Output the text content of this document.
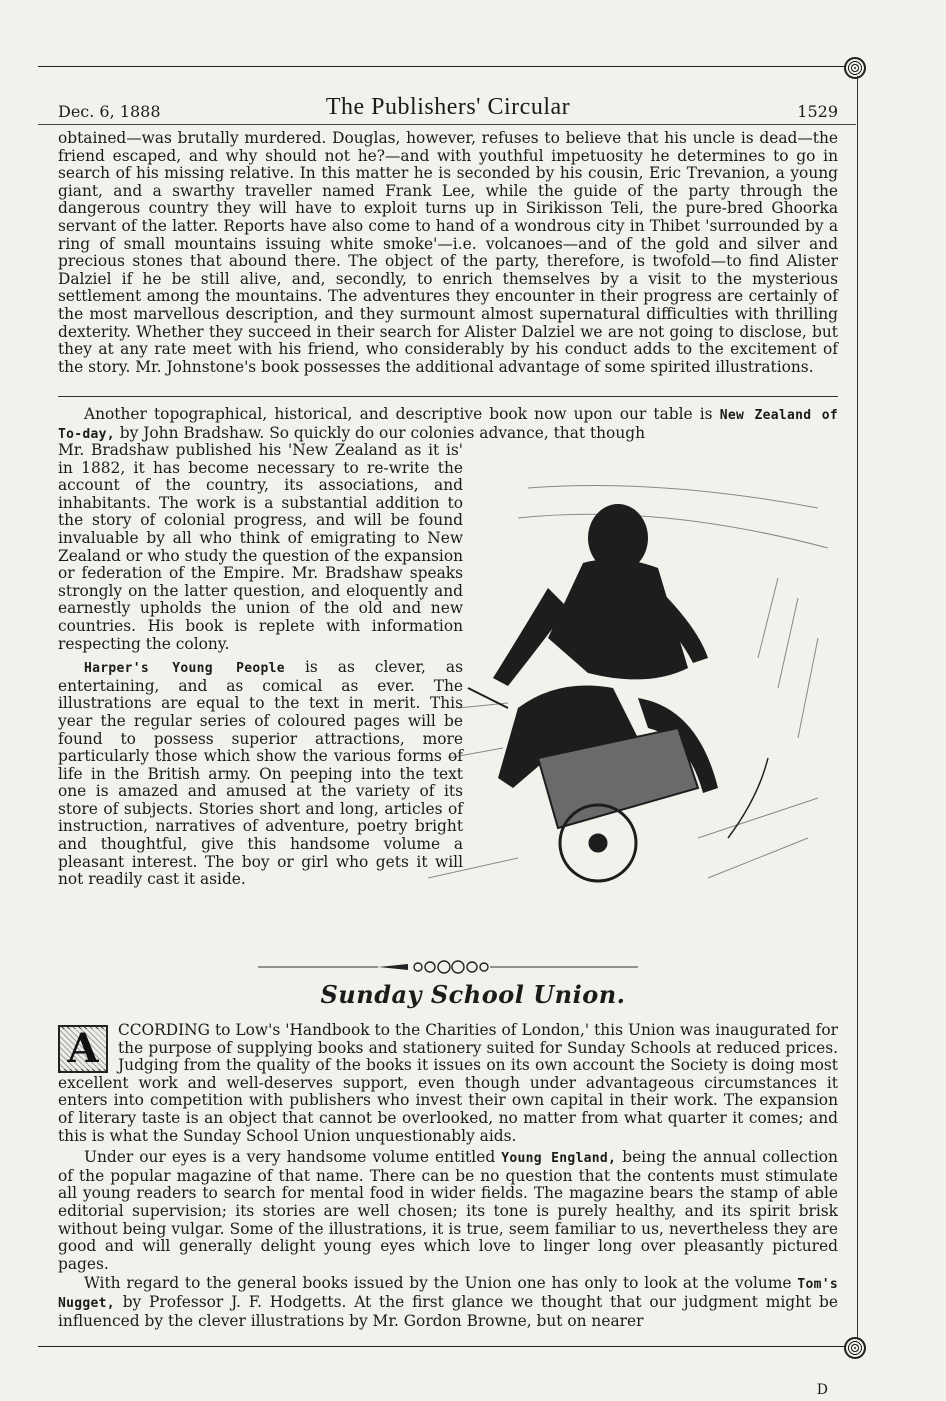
Dec. 6, 1888	The Publishers' Circular	1529

obtained—was brutally murdered. Douglas, however, refuses to believe that his uncle is dead—the friend escaped, and why should not he?—and with youthful impetuosity he determines to go in search of his missing relative. In this matter he is seconded by his cousin, Eric Trevanion, a young giant, and a swarthy traveller named Frank Lee, while the guide of the party through the dangerous country they will have to exploit turns up in Sirikisson Teli, the pure-bred Ghoorka servant of the latter. Reports have also come to hand of a wondrous city in Thibet 'surrounded by a ring of small mountains issuing white smoke'—i.e. volcanoes—and of the gold and silver and precious stones that abound there. The object of the party, therefore, is twofold—to find Alister Dalziel if he be still alive, and, secondly, to enrich themselves by a visit to the mysterious settlement among the mountains. The adventures they encounter in their progress are certainly of the most marvellous description, and they surmount almost supernatural difficulties with thrilling dexterity. Whether they succeed in their search for Alister Dalziel we are not going to disclose, but they at any rate meet with his friend, who considerably by his conduct adds to the excitement of the story. Mr. Johnstone's book possesses the additional advantage of some spirited illustrations.

Another topographical, historical, and descriptive book now upon our table is New Zealand of To-day, by John Bradshaw. So quickly do our colonies advance, that though

Mr. Bradshaw published his 'New Zealand as it is' in 1882, it has become necessary to re-write the account of the country, its associations, and inhabitants. The work is a substantial addition to the story of colonial progress, and will be found invaluable by all who think of emigrating to New Zealand or who study the question of the expansion or federation of the Empire. Mr. Bradshaw speaks strongly on the latter question, and eloquently and earnestly upholds the union of the old and new countries. His book is replete with information respecting the colony.

Harper's Young People is as clever, as entertaining, and as comical as ever. The illustrations are equal to the text in merit. This year the regular series of coloured pages will be found to possess superior attractions, more particularly those which show the various forms of life in the British army. On peeping into the text one is amazed and amused at the variety of its store of subjects. Stories short and long, articles of instruction, narratives of adventure, poetry bright and thoughtful, give this handsome volume a pleasant interest. The boy or girl who gets it will not readily cast it aside.

Sunday School Union.

A	CCORDING to Low's 'Handbook to the Charities of London,' this Union was inaugurated for the purpose of supplying books and stationery suited for Sunday Schools at reduced prices. Judging from the quality of the books it issues on its own account the Society is doing most excellent work and well-deserves support, even though under advantageous circumstances it enters into competition with publishers who invest their own capital in their work. The expansion of literary taste is an object that cannot be overlooked, no matter from what quarter it comes; and this is what the Sunday School Union unquestionably aids.

Under our eyes is a very handsome volume entitled Young England, being the annual collection of the popular magazine of that name. There can be no question that the contents must stimulate all young readers to search for mental food in wider fields. The magazine bears the stamp of able editorial supervision; its stories are well chosen; its tone is purely healthy, and its spirit brisk without being vulgar. Some of the illustrations, it is true, seem familiar to us, nevertheless they are good and will generally delight young eyes which love to linger long over pleasantly pictured pages.

With regard to the general books issued by the Union one has only to look at the volume Tom's Nugget, by Professor J. F. Hodgetts. At the first glance we thought that our judgment might be influenced by the clever illustrations by Mr. Gordon Browne, but on nearer

D
